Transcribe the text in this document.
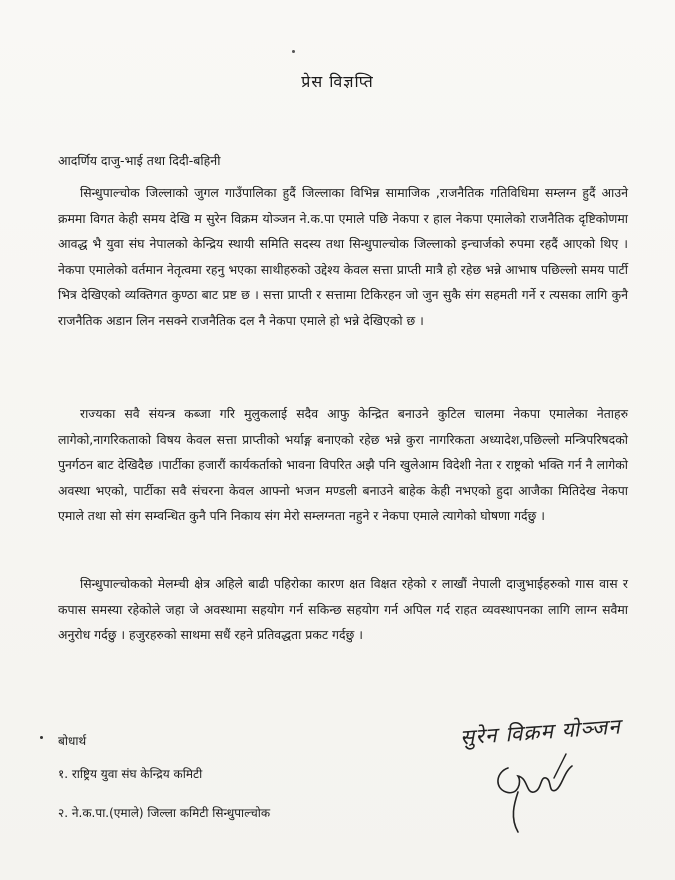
प्रेस विज्ञप्ति
आदर्णिय दाजु-भाई तथा दिदी-बहिनी
सिन्धुपाल्चोक जिल्लाको जुगल गाउँपालिका हुदैं जिल्लाका विभिन्न सामाजिक ,राजनैतिक गतिविधिमा सम्लग्न हुदैं आउने क्रममा विगत केही समय देखि म सुरेन विक्रम योञ्जन ने.क.पा एमाले पछि नेकपा र हाल नेकपा एमालेको राजनैतिक दृष्टिकोणमा आवद्ध भै युवा संघ नेपालको केन्द्रिय स्थायी समिति सदस्य तथा सिन्धुपाल्चोक जिल्लाको इन्चार्जको रुपमा रहदैं आएको थिए ।नेकपा एमालेको वर्तमान नेतृत्वमा रहनु भएका साथीहरुको उद्देश्य केवल सत्ता प्राप्ती मात्रै हो रहेछ भन्ने आभाष पछिल्लो समय पार्टी भित्र देखिएको व्यक्तिगत कुण्ठा बाट प्रष्ट छ । सत्ता प्राप्ती र सत्तामा टिकिरहन जो जुन सुकै संग सहमती गर्ने र त्यसका लागि कुनै राजनैतिक अडान लिन नसक्ने राजनैतिक दल नै नेकपा एमाले हो भन्ने देखिएको छ ।
राज्यका सवै संयन्त्र कब्जा गरि मुलुकलाई सदैव आफु केन्द्रित बनाउने कुटिल चालमा नेकपा एमालेका नेताहरु लागेको,नागरिकताको विषय केवल सत्ता प्राप्तीको भर्याङ्ग बनाएको रहेछ भन्ने कुरा नागरिकता अध्यादेश,पछिल्लो मन्त्रिपरिषदको पुनर्गठन बाट देखिदैछ ।पार्टीका हजारौं कार्यकर्ताको भावना विपरित अझै पनि खुलेआम विदेशी नेता र राष्ट्रको भक्ति गर्न नै लागेको अवस्था भएको, पार्टीका सवै संचरना केवल आफ्नो भजन मण्डली बनाउने बाहेक केही नभएको हुदा आजैका मितिदेख नेकपा एमाले तथा सो संग सम्वन्धित कुनै पनि निकाय संग मेरो सम्लग्नता नहुने र नेकपा एमाले त्यागेको घोषणा गर्दछु ।
सिन्धुपाल्चोकको मेलम्ची क्षेत्र अहिले बाढी पहिरोका कारण क्षत विक्षत रहेको र लाखौं नेपाली दाजुभाईहरुको गास वास र कपास समस्या रहेकोले जहा जे अवस्थामा सहयोग गर्न सकिन्छ सहयोग गर्न अपिल गर्द राहत व्यवस्थापनका लागि लाग्न सवैमा अनुरोध गर्दछु । हजुरहरुको साथमा सधैं रहने प्रतिवद्धता प्रकट गर्दछु ।
बोधार्थ
१. राष्ट्रिय युवा संघ केन्द्रिय कमिटी
२. ने.क.पा.(एमाले) जिल्ला कमिटी सिन्धुपाल्चोक
सुरेन विक्रम योञ्जन
